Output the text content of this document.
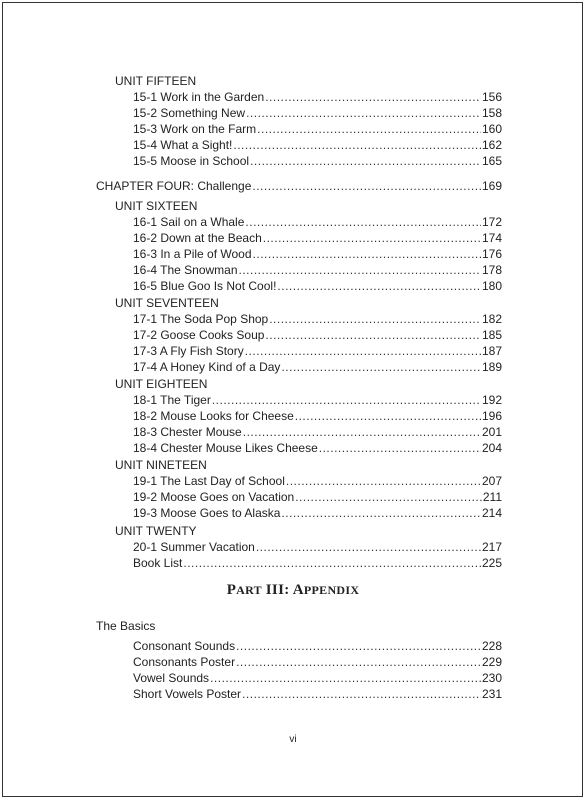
UNIT FIFTEEN
15-1 Work in the Garden .....	156
15-2 Something New .....	158
15-3 Work on the Farm .....	160
15-4 What a Sight! .....	162
15-5 Moose in School .....	165
CHAPTER FOUR: Challenge .....	169
UNIT SIXTEEN
16-1 Sail on a Whale .....	172
16-2 Down at the Beach .....	174
16-3 In a Pile of Wood .....	176
16-4 The Snowman .....	178
16-5 Blue Goo Is Not Cool! .....	180
UNIT SEVENTEEN
17-1 The Soda Pop Shop .....	182
17-2 Goose Cooks Soup .....	185
17-3 A Fly Fish Story .....	187
17-4 A Honey Kind of a Day .....	189
UNIT EIGHTEEN
18-1 The Tiger .....	192
18-2 Mouse Looks for Cheese .....	196
18-3 Chester Mouse .....	201
18-4 Chester Mouse Likes Cheese .....	204
UNIT NINETEEN
19-1 The Last Day of School .....	207
19-2 Moose Goes on Vacation .....	211
19-3 Moose Goes to Alaska .....	214
UNIT TWENTY
20-1 Summer Vacation .....	217
Book List .....	225
PART III: APPENDIX
The Basics
Consonant Sounds .....	228
Consonants Poster .....	229
Vowel Sounds .....	230
Short Vowels Poster .....	231
vi
